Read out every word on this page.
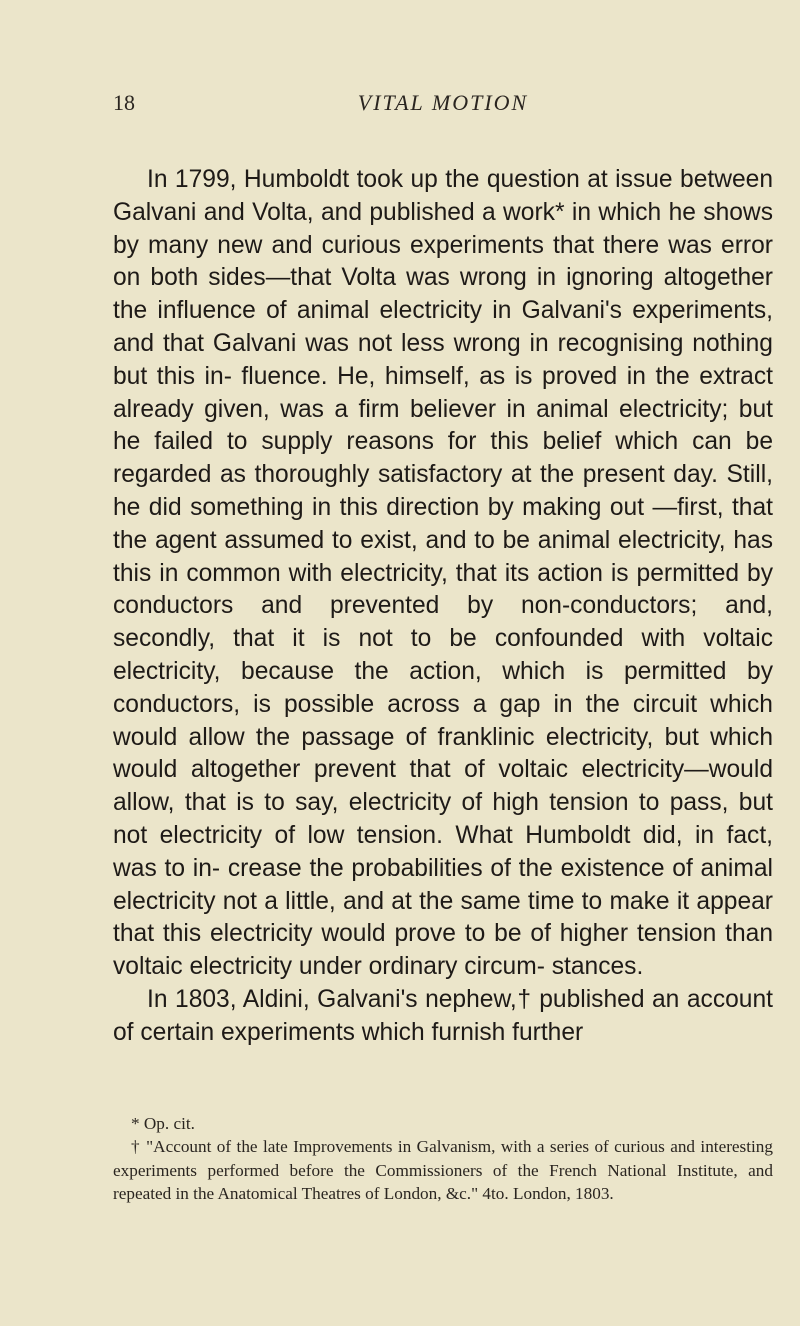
18	VITAL MOTION

In 1799, Humboldt took up the question at issue between Galvani and Volta, and published a work* in which he shows by many new and curious experiments that there was error on both sides—that Volta was wrong in ignoring altogether the influence of animal electricity in Galvani's experiments, and that Galvani was not less wrong in recognising nothing but this in- fluence. He, himself, as is proved in the extract already given, was a firm believer in animal electricity; but he failed to supply reasons for this belief which can be regarded as thoroughly satisfactory at the present day. Still, he did something in this direction by making out —first, that the agent assumed to exist, and to be animal electricity, has this in common with electricity, that its action is permitted by conductors and prevented by non-conductors; and, secondly, that it is not to be confounded with voltaic electricity, because the action, which is permitted by conductors, is possible across a gap in the circuit which would allow the passage of franklinic electricity, but which would altogether prevent that of voltaic electricity—would allow, that is to say, electricity of high tension to pass, but not electricity of low tension. What Humboldt did, in fact, was to in- crease the probabilities of the existence of animal electricity not a little, and at the same time to make it appear that this electricity would prove to be of higher tension than voltaic electricity under ordinary circum- stances.

In 1803, Aldini, Galvani's nephew,† published an account of certain experiments which furnish further

* Op. cit.

† "Account of the late Improvements in Galvanism, with a series of curious and interesting experiments performed before the Commissioners of the French National Institute, and repeated in the Anatomical Theatres of London, &c." 4to. London, 1803.
